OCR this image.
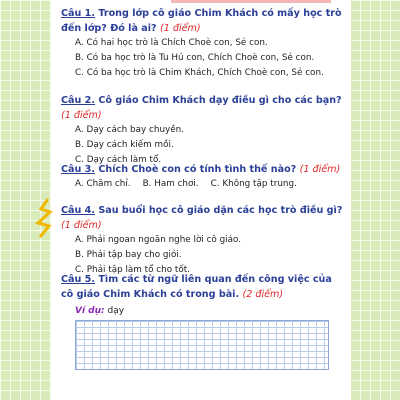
Câu 1. Trong lớp cô giáo Chim Khách có mấy học trò đến lớp? Đó là ai? (1 điểm)
A. Có hai học trò là Chích Choè con, Sẻ con.
B. Có ba học trò là Tu Hú con, Chích Choè con, Sẻ con.
C. Có ba học trò là Chim Khách, Chích Choè con, Sẻ con.
Câu 2. Cô giáo Chim Khách dạy điều gì cho các bạn? (1 điểm)
A. Dạy cách bay chuyền.
B. Dạy cách kiếm mồi.
C. Dạy cách làm tổ.
Câu 3. Chích Choè con có tính tình thế nào? (1 điểm)
A. Chăm chỉ. B. Ham chơi. C. Không tập trung.
Câu 4. Sau buổi học cô giáo dặn các học trò điều gì? (1 điểm)
A. Phải ngoan ngoãn nghe lời cô giáo.
B. Phải tập bay cho giỏi.
C. Phải tập làm tổ cho tốt.
Câu 5. Tìm các từ ngữ liên quan đến công việc của cô giáo Chim Khách có trong bài. (2 điểm)
Ví dụ: dạy
